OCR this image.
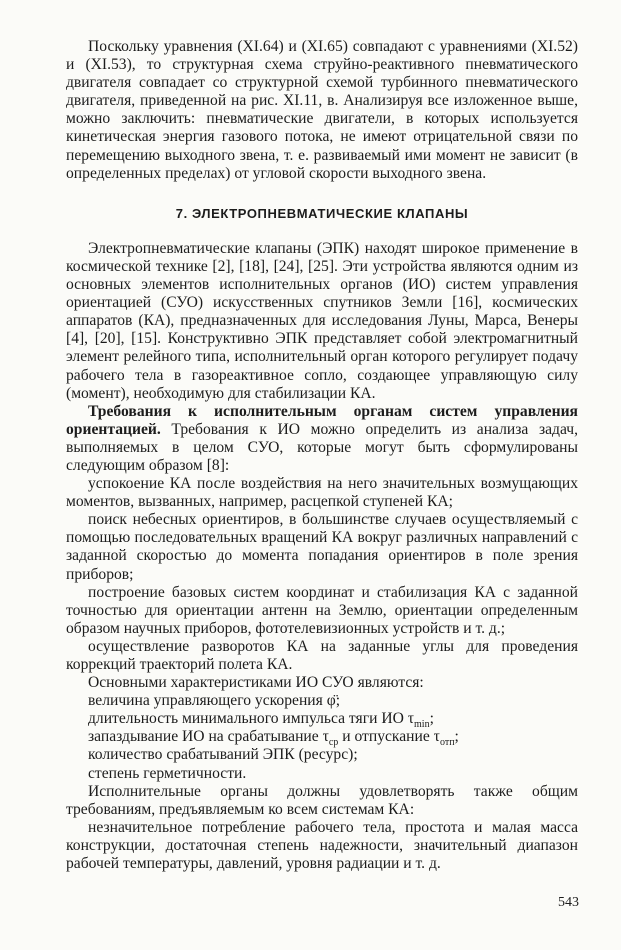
Поскольку уравнения (XI.64) и (XI.65) совпадают с уравнениями (XI.52) и (XI.53), то структурная схема струйно-реактивного пневматического двигателя совпадает со структурной схемой турбинного пневматического двигателя, приведенной на рис. XI.11, в. Анализируя все изложенное выше, можно заключить: пневматические двигатели, в которых используется кинетическая энергия газового потока, не имеют отрицательной связи по перемещению выходного звена, т. е. развиваемый ими момент не зависит (в определенных пределах) от угловой скорости выходного звена.

7. ЭЛЕКТРОПНЕВМАТИЧЕСКИЕ КЛАПАНЫ

Электропневматические клапаны (ЭПК) находят широкое применение в космической технике [2], [18], [24], [25]. Эти устройства являются одним из основных элементов исполнительных органов (ИО) систем управления ориентацией (СУО) искусственных спутников Земли [16], космических аппаратов (КА), предназначенных для исследования Луны, Марса, Венеры [4], [20], [15]. Конструктивно ЭПК представляет собой электромагнитный элемент релейного типа, исполнительный орган которого регулирует подачу рабочего тела в газореактивное сопло, создающее управляющую силу (момент), необходимую для стабилизации КА.

Требования к исполнительным органам систем управления ориентацией. Требования к ИО можно определить из анализа задач, выполняемых в целом СУО, которые могут быть сформулированы следующим образом [8]:

успокоение КА после воздействия на него значительных возмущающих моментов, вызванных, например, расцепкой ступеней КА;

поиск небесных ориентиров, в большинстве случаев осуществляемый с помощью последовательных вращений КА вокруг различных направлений с заданной скоростью до момента попадания ориентиров в поле зрения приборов;

построение базовых систем координат и стабилизация КА с заданной точностью для ориентации антенн на Землю, ориентации определенным образом научных приборов, фототелевизионных устройств и т. д.;

осуществление разворотов КА на заданные углы для проведения коррекций траекторий полета КА.

Основными характеристиками ИО СУО являются:

величина управляющего ускорения φ̈;

длительность минимального импульса тяги ИО $\tau_{min}$;

запаздывание ИО на срабатывание $\tau_{ср}$ и отпускание $\tau_{отп}$;

количество срабатываний ЭПК (ресурс);

степень герметичности.

Исполнительные органы должны удовлетворять также общим требованиям, предъявляемым ко всем системам КА:

незначительное потребление рабочего тела, простота и малая масса конструкции, достаточная степень надежности, значительный диапазон рабочей температуры, давлений, уровня радиации и т. д.

543
